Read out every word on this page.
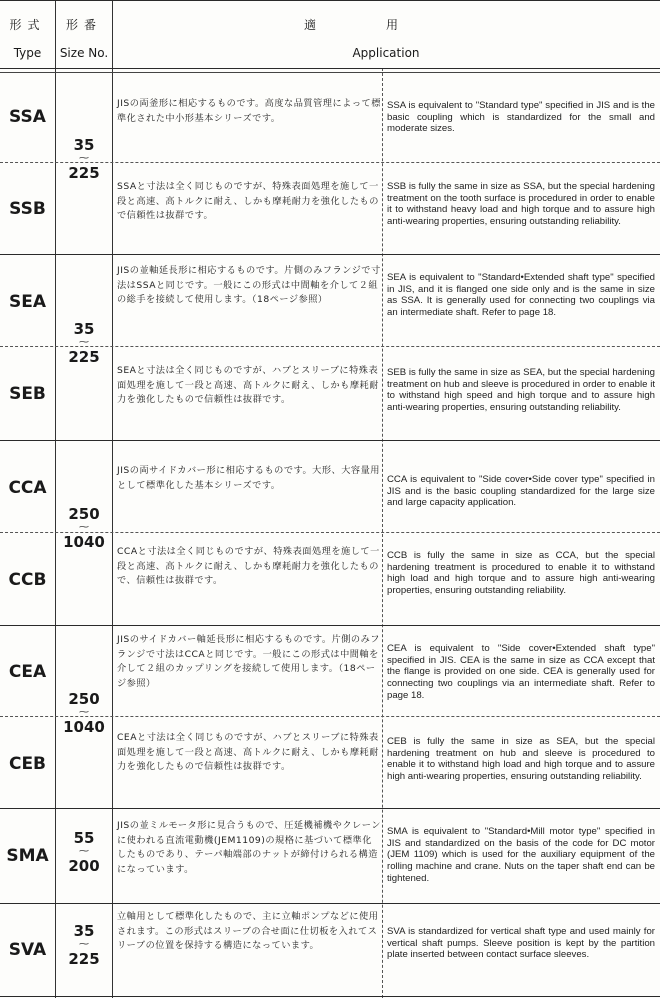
形式
Type
形番
Size No.
適用
Application
SSA
SSB
SEA
SEB
CCA
CCB
CEA
CEB
SMA
SVA
35
⁓
225
35
⁓
225
250
⁓
1040
250
⁓
1040
55
⁓
200
35
⁓
225
JISの両釜形に相応するものです。高度な品質管理によって標準化された中小形基本シリーズです。
SSAと寸法は全く同じものですが、特殊表面処理を施して一段と高速、高トルクに耐え、しかも摩耗耐力を強化したもので信頼性は抜群です。
JISの並軸延長形に相応するものです。片側のみフランジで寸法はSSAと同じです。一般にこの形式は中間軸を介して２組の総手を接続して使用します。（18ページ参照）
SEAと寸法は全く同じものですが、ハブとスリーブに特殊表面処理を施して一段と高速、高トルクに耐え、しかも摩耗耐力を強化したもので信頼性は抜群です。
JISの両サイドカバー形に相応するものです。大形、大容量用として標準化した基本シリーズです。
CCAと寸法は全く同じものですが、特殊表面処理を施して一段と高速、高トルクに耐え、しかも摩耗耐力を強化したもので、信頼性は抜群です。
JISのサイドカバー軸延長形に相応するものです。片側のみフランジで寸法はCCAと同じです。一般にこの形式は中間軸を介して２組のカップリングを接続して使用します。（18ページ参照）
CEAと寸法は全く同じものですが、ハブとスリーブに特殊表面処理を施して一段と高速、高トルクに耐え、しかも摩耗耐力を強化したもので信頼性は抜群です。
JISの並ミルモータ形に見合うもので、圧延機補機やクレーンに使われる直流電動機(JEM1109)の規格に基づいて標準化したものであり、テーパ軸端部のナットが締付けられる構造になっています。
立軸用として標準化したもので、主に立軸ポンプなどに使用されます。この形式はスリーブの合せ面に仕切板を入れてスリーブの位置を保持する構造になっています。
SSA is equivalent to "Standard type" specified in JIS and is the basic coupling which is standardized for the small and moderate sizes.
SSB is fully the same in size as SSA, but the special hardening treatment on the tooth surface is procedured in order to enable it to withstand heavy load and high torque and to assure high anti-wearing properties, ensuring outstanding reliability.
SEA is equivalent to "Standard•Extended shaft type" specified in JIS, and it is flanged one side only and is the same in size as SSA. It is generally used for connecting two couplings via an intermediate shaft. Refer to page 18.
SEB is fully the same in size as SEA, but the special hardening treatment on hub and sleeve is procedured in order to enable it to withstand high speed and high torque and to assure high anti-wearing properties, ensuring outstanding reliability.
CCA is equivalent to "Side cover•Side cover type" specified in JIS and is the basic coupling standardized for the large size and large capacity application.
CCB is fully the same in size as CCA, but the special hardening treatment is procedured to enable it to withstand high load and high torque and to assure high anti-wearing properties, ensuring outstanding reliability.
CEA is equivalent to "Side cover•Extended shaft type" specified in JIS. CEA is the same in size as CCA except that the flange is provided on one side. CEA is generally used for connecting two couplings via an intermediate shaft. Refer to page 18.
CEB is fully the same in size as SEA, but the special hardening treatment on hub and sleeve is procedured to enable it to withstand high load and high torque and to assure high anti-wearing properties, ensuring outstanding reliability.
SMA is equivalent to "Standard•Mill motor type" specified in JIS and standardized on the basis of the code for DC motor (JEM 1109) which is used for the auxiliary equipment of the rolling machine and crane. Nuts on the taper shaft end can be tightened.
SVA is standardized for vertical shaft type and used mainly for vertical shaft pumps. Sleeve position is kept by the partition plate inserted between contact surface sleeves.
